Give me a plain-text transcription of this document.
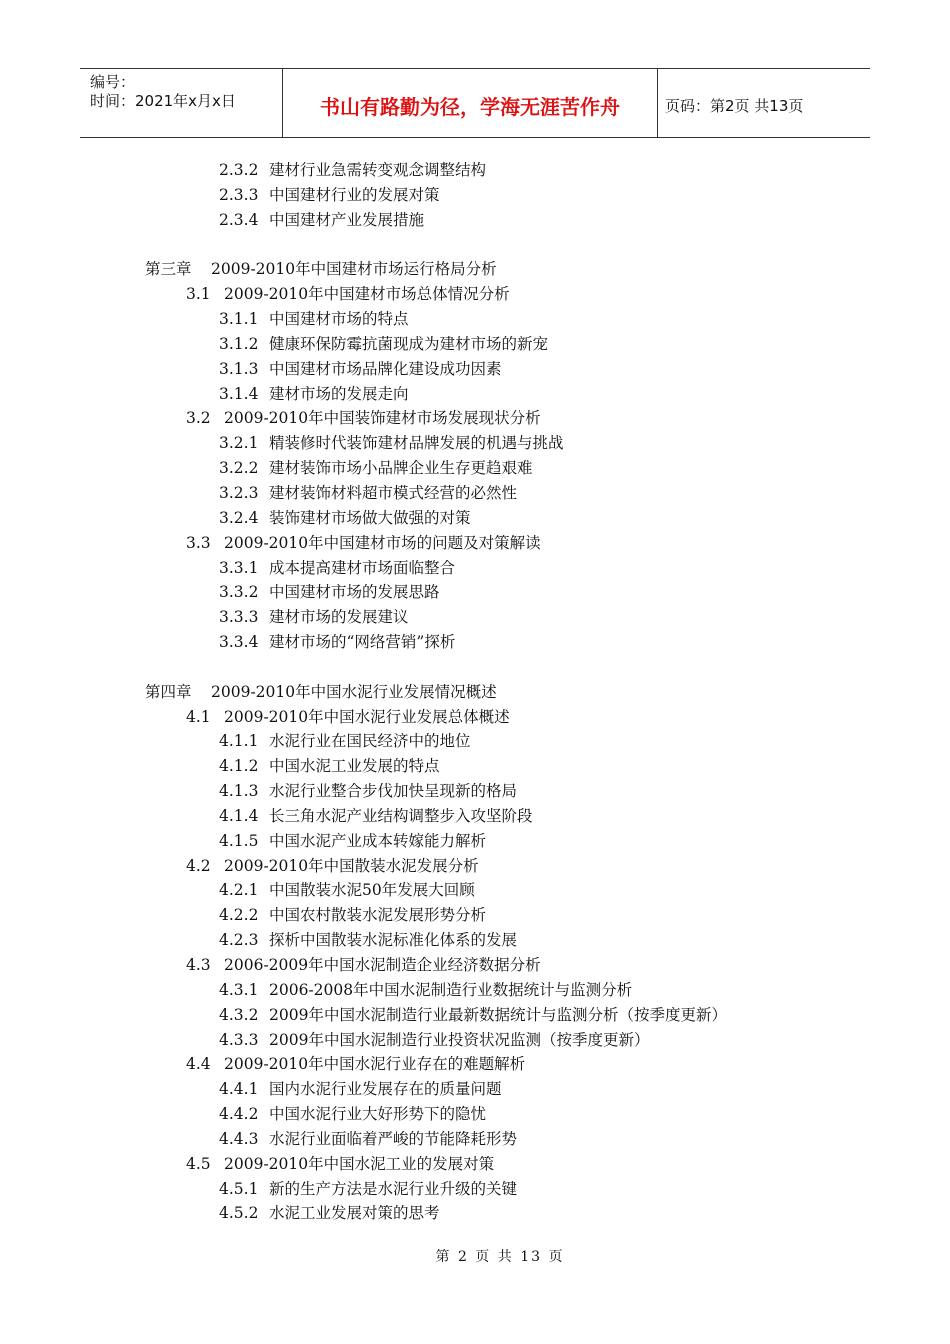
编号：
时间：2021年x月x日	书山有路勤为径，学海无涯苦作舟	页码：第2页 共13页
2.3.2 建材行业急需转变观念调整结构
2.3.3 中国建材行业的发展对策
2.3.4 中国建材产业发展措施
第三章 2009-2010年中国建材市场运行格局分析
3.1 2009-2010年中国建材市场总体情况分析
3.1.1 中国建材市场的特点
3.1.2 健康环保防霉抗菌现成为建材市场的新宠
3.1.3 中国建材市场品牌化建设成功因素
3.1.4 建材市场的发展走向
3.2 2009-2010年中国装饰建材市场发展现状分析
3.2.1 精装修时代装饰建材品牌发展的机遇与挑战
3.2.2 建材装饰市场小品牌企业生存更趋艰难
3.2.3 建材装饰材料超市模式经营的必然性
3.2.4 装饰建材市场做大做强的对策
3.3 2009-2010年中国建材市场的问题及对策解读
3.3.1 成本提高建材市场面临整合
3.3.2 中国建材市场的发展思路
3.3.3 建材市场的发展建议
3.3.4 建材市场的“网络营销”探析
第四章 2009-2010年中国水泥行业发展情况概述
4.1 2009-2010年中国水泥行业发展总体概述
4.1.1 水泥行业在国民经济中的地位
4.1.2 中国水泥工业发展的特点
4.1.3 水泥行业整合步伐加快呈现新的格局
4.1.4 长三角水泥产业结构调整步入攻坚阶段
4.1.5 中国水泥产业成本转嫁能力解析
4.2 2009-2010年中国散装水泥发展分析
4.2.1 中国散装水泥50年发展大回顾
4.2.2 中国农村散装水泥发展形势分析
4.2.3 探析中国散装水泥标准化体系的发展
4.3 2006-2009年中国水泥制造企业经济数据分析
4.3.1 2006-2008年中国水泥制造行业数据统计与监测分析
4.3.2 2009年中国水泥制造行业最新数据统计与监测分析（按季度更新）
4.3.3 2009年中国水泥制造行业投资状况监测（按季度更新）
4.4 2009-2010年中国水泥行业存在的难题解析
4.4.1 国内水泥行业发展存在的质量问题
4.4.2 中国水泥行业大好形势下的隐忧
4.4.3 水泥行业面临着严峻的节能降耗形势
4.5 2009-2010年中国水泥工业的发展对策
4.5.1 新的生产方法是水泥行业升级的关键
4.5.2 水泥工业发展对策的思考
第 2 页 共 13 页
